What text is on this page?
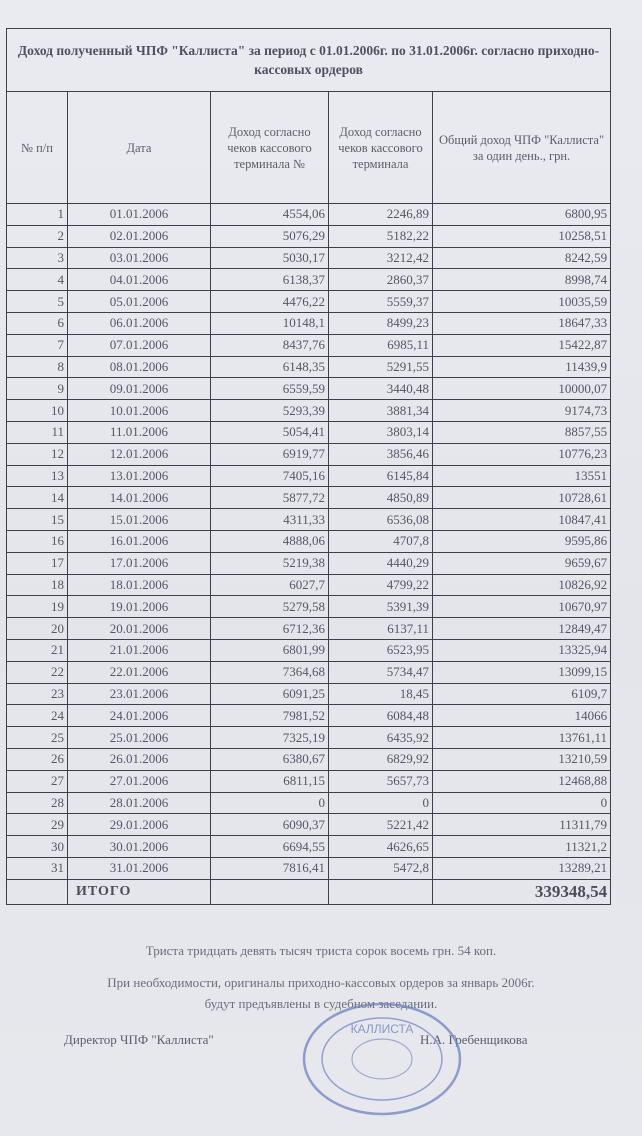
Доход полученный ЧПФ "Каллиста" за период с 01.01.2006г. по 31.01.2006г. согласно приходно-кассовых ордеров				
№ п/п	Дата	Доход согласно чеков кассового терминала №	Доход согласно чеков кассового терминала	Общий доход ЧПФ "Каллиста" за один день., грн.
1	01.01.2006	4554,06	2246,89	6800,95
2	02.01.2006	5076,29	5182,22	10258,51
3	03.01.2006	5030,17	3212,42	8242,59
4	04.01.2006	6138,37	2860,37	8998,74
5	05.01.2006	4476,22	5559,37	10035,59
6	06.01.2006	10148,1	8499,23	18647,33
7	07.01.2006	8437,76	6985,11	15422,87
8	08.01.2006	6148,35	5291,55	11439,9
9	09.01.2006	6559,59	3440,48	10000,07
10	10.01.2006	5293,39	3881,34	9174,73
11	11.01.2006	5054,41	3803,14	8857,55
12	12.01.2006	6919,77	3856,46	10776,23
13	13.01.2006	7405,16	6145,84	13551
14	14.01.2006	5877,72	4850,89	10728,61
15	15.01.2006	4311,33	6536,08	10847,41
16	16.01.2006	4888,06	4707,8	9595,86
17	17.01.2006	5219,38	4440,29	9659,67
18	18.01.2006	6027,7	4799,22	10826,92
19	19.01.2006	5279,58	5391,39	10670,97
20	20.01.2006	6712,36	6137,11	12849,47
21	21.01.2006	6801,99	6523,95	13325,94
22	22.01.2006	7364,68	5734,47	13099,15
23	23.01.2006	6091,25	18,45	6109,7
24	24.01.2006	7981,52	6084,48	14066
25	25.01.2006	7325,19	6435,92	13761,11
26	26.01.2006	6380,67	6829,92	13210,59
27	27.01.2006	6811,15	5657,73	12468,88
28	28.01.2006	0	0	0
29	29.01.2006	6090,37	5221,42	11311,79
30	30.01.2006	6694,55	4626,65	11321,2
31	31.01.2006	7816,41	5472,8	13289,21
	ИТОГО			339348,54
Триста тридцать девять тысяч триста сорок восемь грн. 54 коп.
При необходимости, оригиналы приходно-кассовых ордеров за январь 2006г.
будут предъявлены в судебном заседании.
Директор ЧПФ "Каллиста"	Н.А. Гребенщикова
КАЛЛИСТА
